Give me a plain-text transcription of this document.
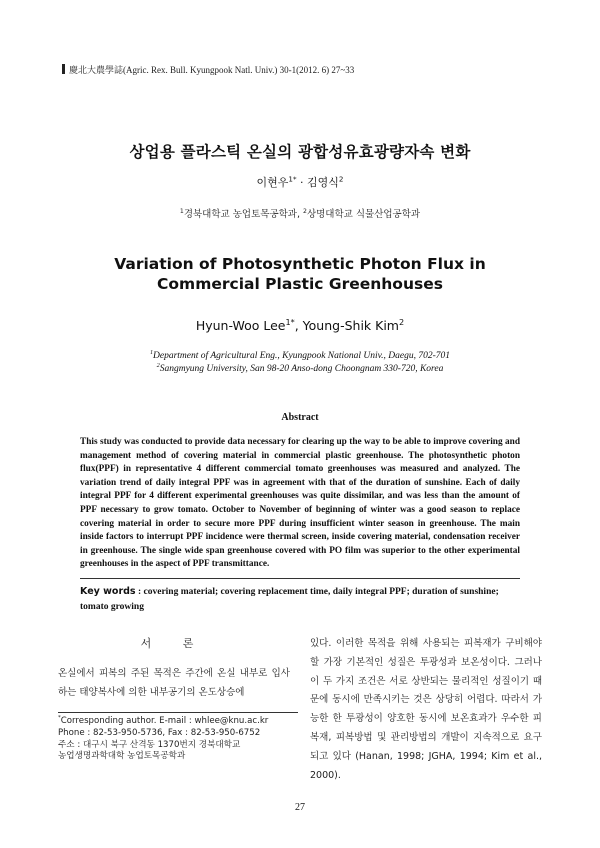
慶北大農學誌(Agric. Rex. Bull. Kyungpook Natl. Univ.) 30-1(2012. 6) 27~33
상업용 플라스틱 온실의 광합성유효광량자속 변화
이현우$^{1*}$ · 김영식$^2$
$^1$경북대학교 농업토목공학과, $^2$상명대학교 식물산업공학과
Variation of Photosynthetic Photon Flux in Commercial Plastic Greenhouses
Hyun-Woo Lee$^{1*}$, Young-Shik Kim$^2$
$^1$Department of Agricultural Eng., Kyungpook National Univ., Daegu, 702-701
$^2$Sangmyung University, San 98-20 Anso-dong Choongnam 330-720, Korea
Abstract
This study was conducted to provide data necessary for clearing up the way to be able to improve covering and management method of covering material in commercial plastic greenhouse. The photosynthetic photon flux(PPF) in representative 4 different commercial tomato greenhouses was measured and analyzed. The variation trend of daily integral PPF was in agreement with that of the duration of sunshine. Each of daily integral PPF for 4 different experimental greenhouses was quite dissimilar, and was less than the amount of PPF necessary to grow tomato. October to November of beginning of winter was a good season to replace covering material in order to secure more PPF during insufficient winter season in greenhouse. The main inside factors to interrupt PPF incidence were thermal screen, inside covering material, condensation receiver in greenhouse. The single wide span greenhouse covered with PO film was superior to the other experimental greenhouses in the aspect of PPF transmittance.
Key words : covering material; covering replacement time, daily integral PPF; duration of sunshine; tomato growing
서 론
온실에서 피복의 주된 목적은 주간에 온실 내부로 입사하는 태양복사에 의한 내부공기의 온도상승에
*Corresponding author. E-mail : whlee@knu.ac.kr
Phone : 82-53-950-5736, Fax : 82-53-950-6752
주소 : 대구시 북구 산격동 1370번지 경북대학교
농업생명과학대학 농업토목공학과
있다. 이러한 목적을 위해 사용되는 피복재가 구비해야 할 가장 기본적인 성질은 투광성과 보온성이다. 그러나 이 두 가지 조건은 서로 상반되는 물리적인 성질이기 때문에 동시에 만족시키는 것은 상당히 어렵다. 따라서 가능한 한 투광성이 양호한 동시에 보온효과가 우수한 피복재, 피복방법 및 관리방법의 개발이 지속적으로 요구되고 있다 (Hanan, 1998; JGHA, 1994; Kim et al., 2000).
27
